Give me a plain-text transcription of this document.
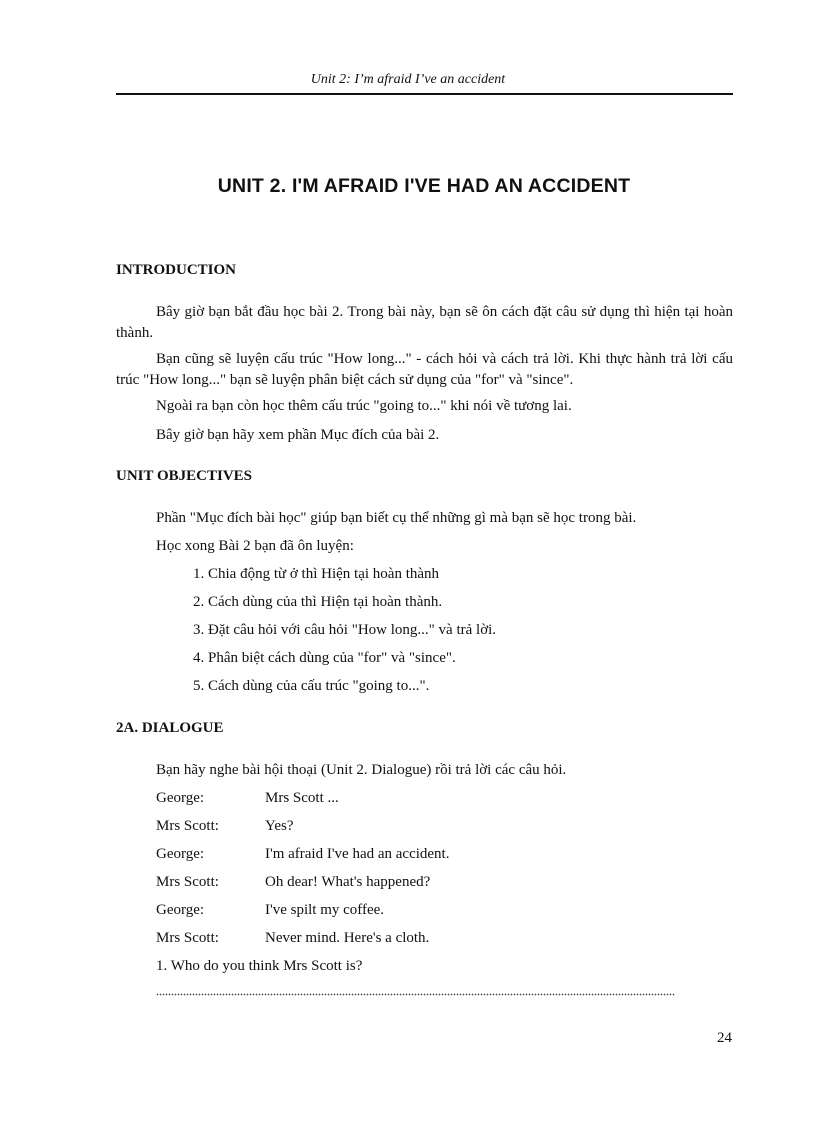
Unit 2: I’m afraid I’ve an accident
UNIT 2. I'M AFRAID I'VE HAD AN ACCIDENT
INTRODUCTION

Bây giờ bạn bắt đầu học bài 2. Trong bài này, bạn sẽ ôn cách đặt câu sử dụng thì hiện tại hoàn thành.

Bạn cũng sẽ luyện cấu trúc "How long..." - cách hỏi và cách trả lời. Khi thực hành trả lời cấu trúc "How long..." bạn sẽ luyện phân biệt cách sử dụng của "for" và "since".

Ngoài ra bạn còn học thêm cấu trúc "going to..." khi nói về tương lai.
Bây giờ bạn hãy xem phần Mục đích của bài 2.
UNIT OBJECTIVES
Phần "Mục đích bài học" giúp bạn biết cụ thể những gì mà bạn sẽ học trong bài.
Học xong Bài 2 bạn đã ôn luyện:
1. Chia động từ ở thì Hiện tại hoàn thành
2. Cách dùng của thì Hiện tại hoàn thành.
3. Đặt câu hỏi với câu hỏi "How long..." và trả lời.
4. Phân biệt cách dùng của "for" và "since".
5. Cách dùng của cấu trúc "going to...".
2A. DIALOGUE
Bạn hãy nghe bài hội thoại (Unit 2. Dialogue) rồi trả lời các câu hỏi.
George:	Mrs Scott ...
Mrs Scott:	Yes?
George:	I'm afraid I've had an accident.
Mrs Scott:	Oh dear! What's happened?
George:	I've spilt my coffee.
Mrs Scott:	Never mind. Here's a cloth.
1. Who do you think Mrs Scott is?
24
